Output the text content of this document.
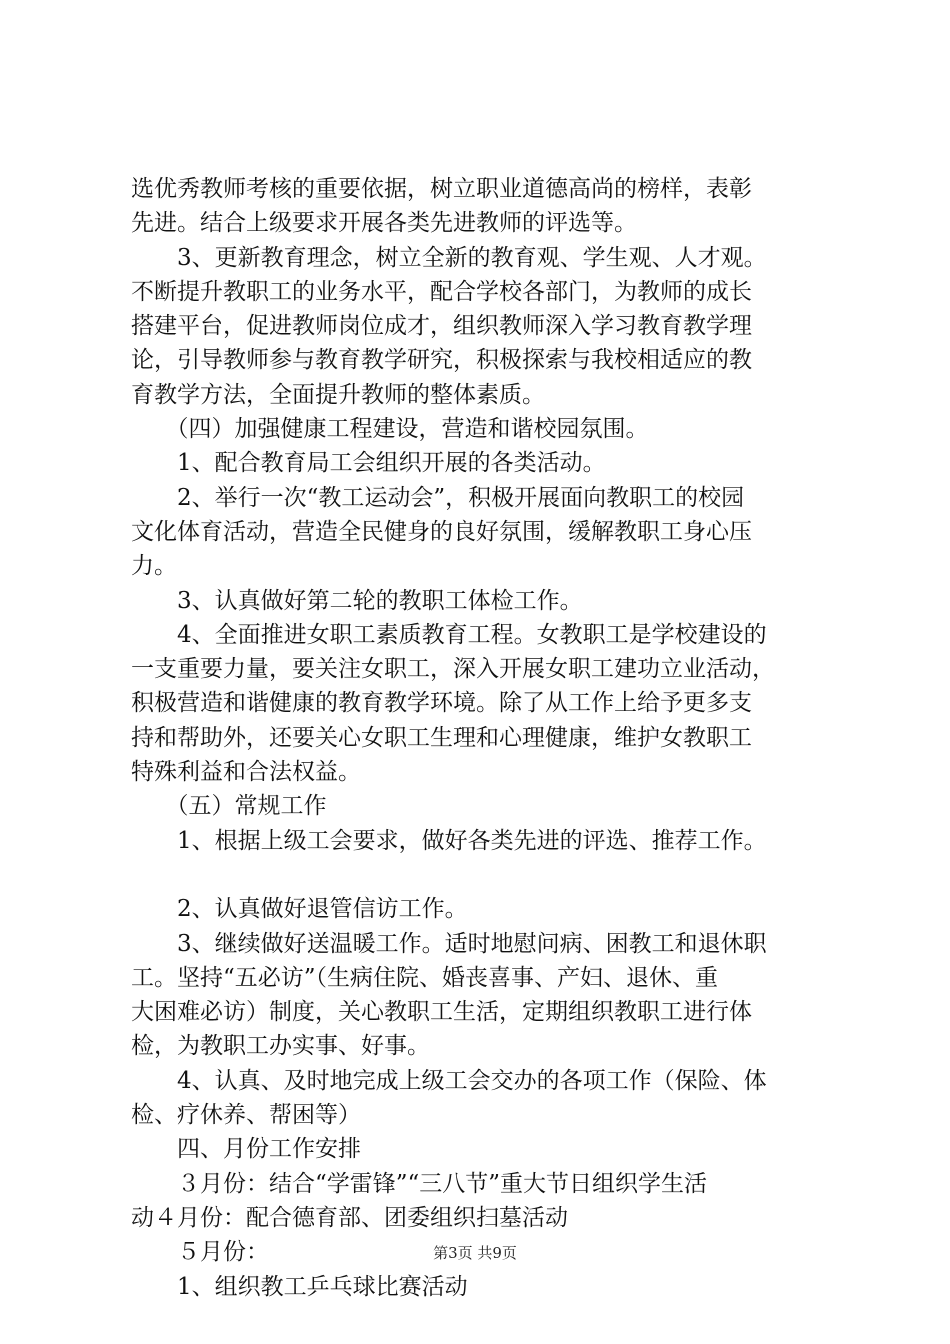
选优秀教师考核的重要依据，树立职业道德高尚的榜样，表彰
先进。结合上级要求开展各类先进教师的评选等。
　　3、更新教育理念，树立全新的教育观、学生观、人才观。
不断提升教职工的业务水平，配合学校各部门，为教师的成长
搭建平台，促进教师岗位成才，组织教师深入学习教育教学理
论，引导教师参与教育教学研究，积极探索与我校相适应的教
育教学方法，全面提升教师的整体素质。
　　（四）加强健康工程建设，营造和谐校园氛围。
　　1、配合教育局工会组织开展的各类活动。
　　2、举行一次“教工运动会”，积极开展面向教职工的校园
文化体育活动，营造全民健身的良好氛围，缓解教职工身心压
力。
　　3、认真做好第二轮的教职工体检工作。
　　4、全面推进女职工素质教育工程。女教职工是学校建设的
一支重要力量，要关注女职工，深入开展女职工建功立业活动，
积极营造和谐健康的教育教学环境。除了从工作上给予更多支
持和帮助外，还要关心女职工生理和心理健康，维护女教职工
特殊利益和合法权益。
　　（五）常规工作
　　1、根据上级工会要求，做好各类先进的评选、推荐工作。
　　2、认真做好退管信访工作。
　　3、继续做好送温暖工作。适时地慰问病、困教工和退休职
工。坚持“五必访”（生病住院、婚丧喜事、产妇、退休、重
大困难必访）制度，关心教职工生活，定期组织教职工进行体
检，为教职工办实事、好事。
　　4、认真、及时地完成上级工会交办的各项工作（保险、体
检、疗休养、帮困等）
　　四、月份工作安排
　　３月份：结合“学雷锋”“三八节”重大节日组织学生活
动４月份：配合德育部、团委组织扫墓活动
　　５月份：
　　1、组织教工乒乓球比赛活动
第3页 共9页
